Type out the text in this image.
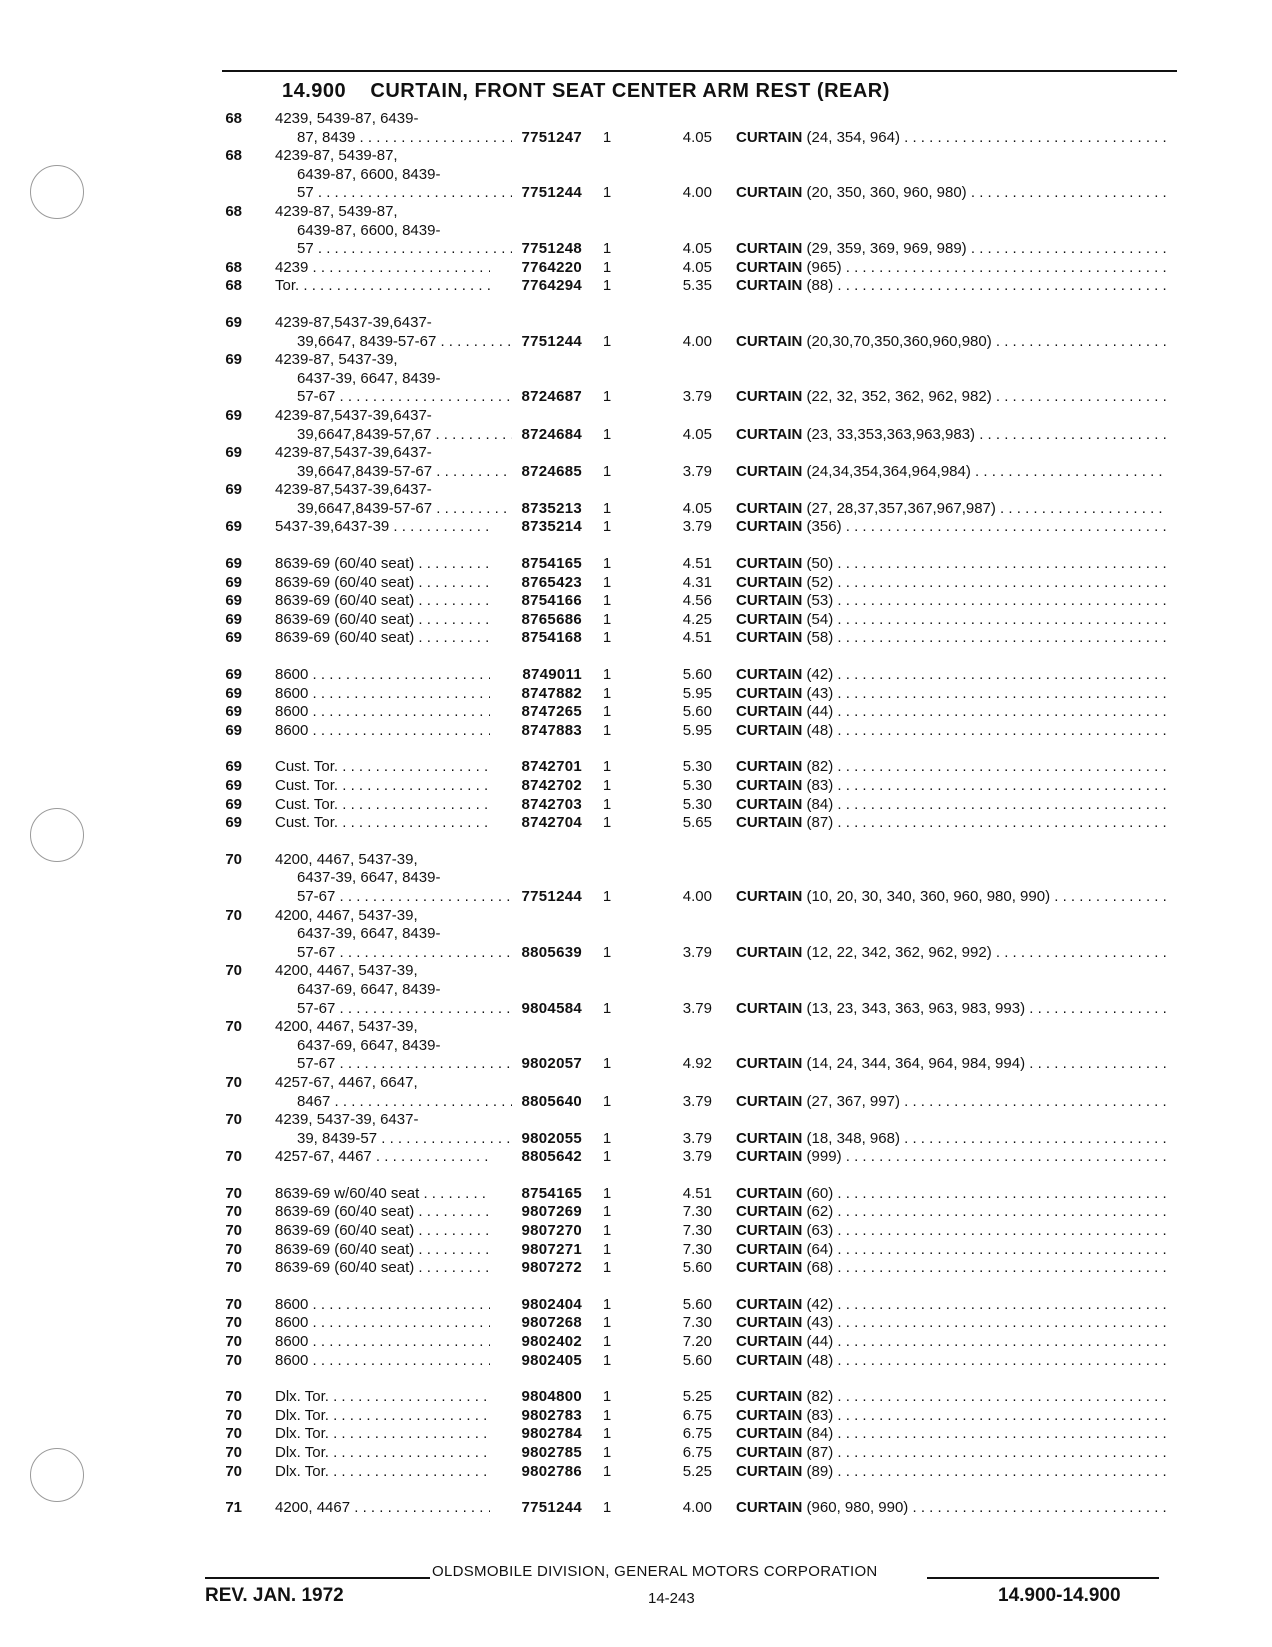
14.900 CURTAIN, FRONT SEAT CENTER ARM REST (REAR)
68 4239, 5439-87, 6439-
87, 8439 . . .	7751247 1	4.05 CURTAIN (24, 354, 964) . . .
68 4239-87, 5439-87,
6439-87, 6600, 8439-
57 . . .	7751244 1	4.00 CURTAIN (20, 350, 360, 960, 980) . . .
68 4239-87, 5439-87,
6439-87, 6600, 8439-
57 . . .	7751248 1	4.05 CURTAIN (29, 359, 369, 969, 989) . . .
68 4239 . . .	7764220 1	4.05 CURTAIN (965) . . .
68 Tor. . . .	7764294 1	5.35 CURTAIN (88) . . .
69 4239-87,5437-39,6437-
39,6647, 8439-57-67 . . .	7751244 1	4.00 CURTAIN (20,30,70,350,360,960,980) . . .
69 4239-87, 5437-39,
6437-39, 6647, 8439-
57-67 . . .	8724687 1	3.79 CURTAIN (22, 32, 352, 362, 962, 982) . . .
69 4239-87,5437-39,6437-
39,6647,8439-57,67 . . .	8724684 1	4.05 CURTAIN (23, 33,353,363,963,983) . . .
69 4239-87,5437-39,6437-
39,6647,8439-57-67 . . .	8724685 1	3.79 CURTAIN (24,34,354,364,964,984) . . .
69 4239-87,5437-39,6437-
39,6647,8439-57-67 . . .	8735213 1	4.05 CURTAIN (27, 28,37,357,367,967,987) . . .
69 5437-39,6437-39 . . .	8735214 1	3.79 CURTAIN (356) . . .
69 8639-69 (60/40 seat) . . .	8754165 1	4.51 CURTAIN (50) . . .
69 8639-69 (60/40 seat) . . .	8765423 1	4.31 CURTAIN (52) . . .
69 8639-69 (60/40 seat) . . .	8754166 1	4.56 CURTAIN (53) . . .
69 8639-69 (60/40 seat) . . .	8765686 1	4.25 CURTAIN (54) . . .
69 8639-69 (60/40 seat) . . .	8754168 1	4.51 CURTAIN (58) . . .
69 8600 . . .	8749011 1	5.60 CURTAIN (42) . . .
69 8600 . . .	8747882 1	5.95 CURTAIN (43) . . .
69 8600 . . .	8747265 1	5.60 CURTAIN (44) . . .
69 8600 . . .	8747883 1	5.95 CURTAIN (48) . . .
69 Cust. Tor. . . .	8742701 1	5.30 CURTAIN (82) . . .
69 Cust. Tor. . . .	8742702 1	5.30 CURTAIN (83) . . .
69 Cust. Tor. . . .	8742703 1	5.30 CURTAIN (84) . . .
69 Cust. Tor. . . .	8742704 1	5.65 CURTAIN (87) . . .
70 4200, 4467, 5437-39,
6437-39, 6647, 8439-
57-67 . . .	7751244 1	4.00 CURTAIN (10, 20, 30, 340, 360, 960, 980, 990) . . .
70 4200, 4467, 5437-39,
6437-39, 6647, 8439-
57-67 . . .	8805639 1	3.79 CURTAIN (12, 22, 342, 362, 962, 992) . . .
70 4200, 4467, 5437-39,
6437-69, 6647, 8439-
57-67 . . .	9804584 1	3.79 CURTAIN (13, 23, 343, 363, 963, 983, 993) . . .
70 4200, 4467, 5437-39,
6437-69, 6647, 8439-
57-67 . . .	9802057 1	4.92 CURTAIN (14, 24, 344, 364, 964, 984, 994) . . .
70 4257-67, 4467, 6647,
8467 . . .	8805640 1	3.79 CURTAIN (27, 367, 997) . . .
70 4239, 5437-39, 6437-
39, 8439-57 . . .	9802055 1	3.79 CURTAIN (18, 348, 968) . . .
70 4257-67, 4467 . . .	8805642 1	3.79 CURTAIN (999) . . .
70 8639-69 w/60/40 seat . . .	8754165 1	4.51 CURTAIN (60) . . .
70 8639-69 (60/40 seat) . . .	9807269 1	7.30 CURTAIN (62) . . .
70 8639-69 (60/40 seat) . . .	9807270 1	7.30 CURTAIN (63) . . .
70 8639-69 (60/40 seat) . . .	9807271 1	7.30 CURTAIN (64) . . .
70 8639-69 (60/40 seat) . . .	9807272 1	5.60 CURTAIN (68) . . .
70 8600 . . .	9802404 1	5.60 CURTAIN (42) . . .
70 8600 . . .	9807268 1	7.30 CURTAIN (43) . . .
70 8600 . . .	9802402 1	7.20 CURTAIN (44) . . .
70 8600 . . .	9802405 1	5.60 CURTAIN (48) . . .
70 Dlx. Tor. . . .	9804800 1	5.25 CURTAIN (82) . . .
70 Dlx. Tor. . . .	9802783 1	6.75 CURTAIN (83) . . .
70 Dlx. Tor. . . .	9802784 1	6.75 CURTAIN (84) . . .
70 Dlx. Tor. . . .	9802785 1	6.75 CURTAIN (87) . . .
70 Dlx. Tor. . . .	9802786 1	5.25 CURTAIN (89) . . .
71 4200, 4467 . . .	7751244 1	4.00 CURTAIN (960, 980, 990) . . .
OLDSMOBILE DIVISION, GENERAL MOTORS CORPORATION
REV. JAN. 1972	14-243	14.900-14.900
